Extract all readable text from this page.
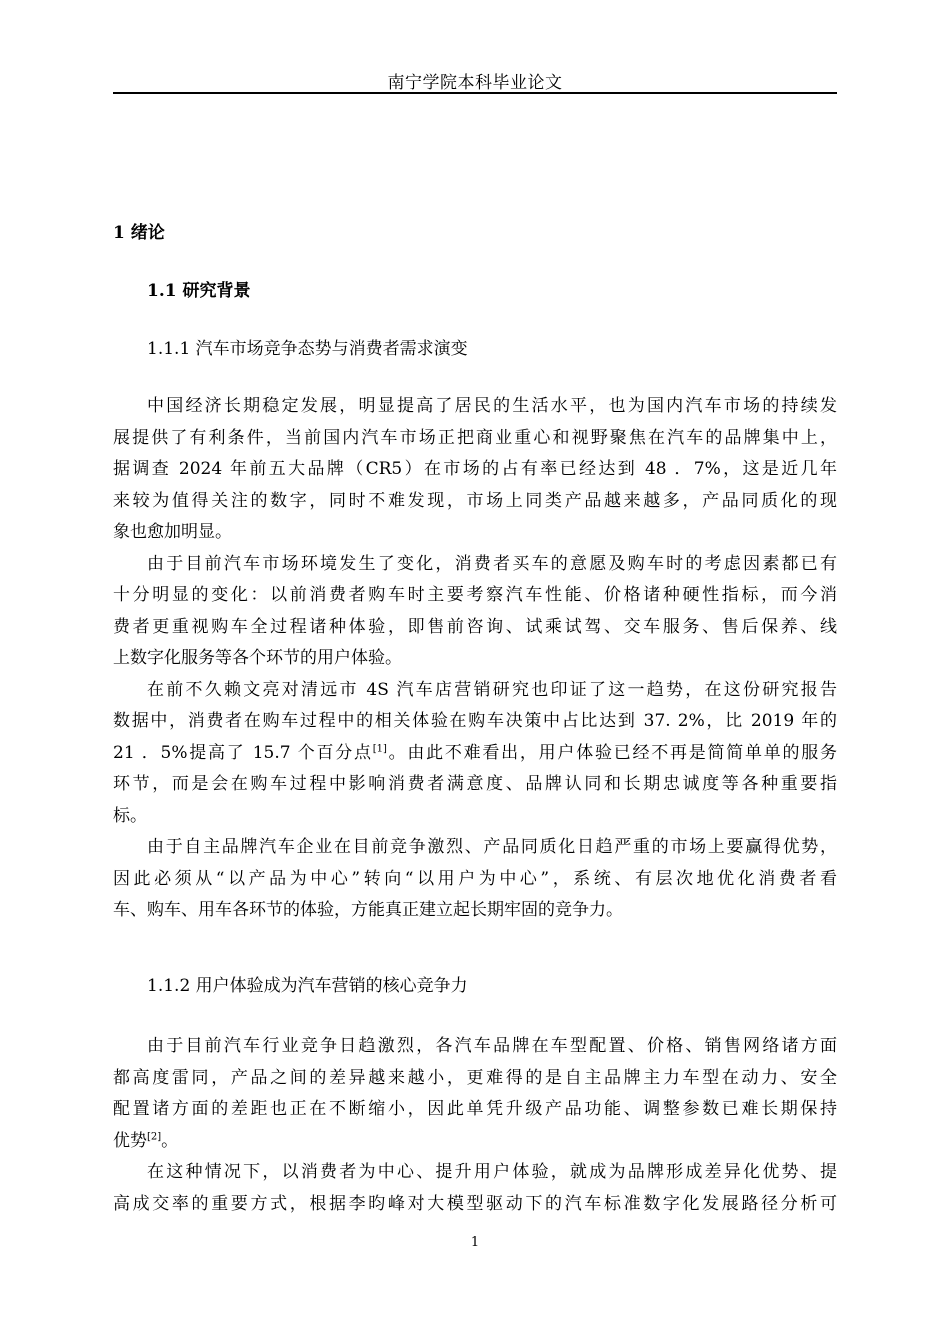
南宁学院本科毕业论文
1 绪论
1.1 研究背景
1.1.1 汽车市场竞争态势与消费者需求演变
中国经济长期稳定发展，明显提高了居民的生活水平，也为国内汽车市场的持续发
展提供了有利条件，当前国内汽车市场正把商业重心和视野聚焦在汽车的品牌集中上，
据调查 2024 年前五大品牌（CR5）在市场的占有率已经达到 48 ．7%，这是近几年
来较为值得关注的数字，同时不难发现，市场上同类产品越来越多，产品同质化的现
象也愈加明显。
由于目前汽车市场环境发生了变化，消费者买车的意愿及购车时的考虑因素都已有
十分明显的变化：以前消费者购车时主要考察汽车性能、价格诸种硬性指标，而今消
费者更重视购车全过程诸种体验，即售前咨询、试乘试驾、交车服务、售后保养、线
上数字化服务等各个环节的用户体验。
在前不久赖文亮对清远市 4S 汽车店营销研究也印证了这一趋势，在这份研究报告
数据中，消费者在购车过程中的相关体验在购车决策中占比达到 37. 2%，比 2019 年的
21 ．5%提高了 15.7 个百分点[1]。由此不难看出，用户体验已经不再是简简单单的服务
环节，而是会在购车过程中影响消费者满意度、品牌认同和长期忠诚度等各种重要指
标。
由于自主品牌汽车企业在目前竞争激烈、产品同质化日趋严重的市场上要赢得优势，
因此必须从“以产品为中心”转向“以用户为中心”，系统、有层次地优化消费者看
车、购车、用车各环节的体验，方能真正建立起长期牢固的竞争力。
1.1.2 用户体验成为汽车营销的核心竞争力
由于目前汽车行业竞争日趋激烈，各汽车品牌在车型配置、价格、销售网络诸方面
都高度雷同，产品之间的差异越来越小，更难得的是自主品牌主力车型在动力、安全
配置诸方面的差距也正在不断缩小，因此单凭升级产品功能、调整参数已难长期保持
优势[2]。
在这种情况下，以消费者为中心、提升用户体验，就成为品牌形成差异化优势、提
高成交率的重要方式，根据李昀峰对大模型驱动下的汽车标准数字化发展路径分析可
1
